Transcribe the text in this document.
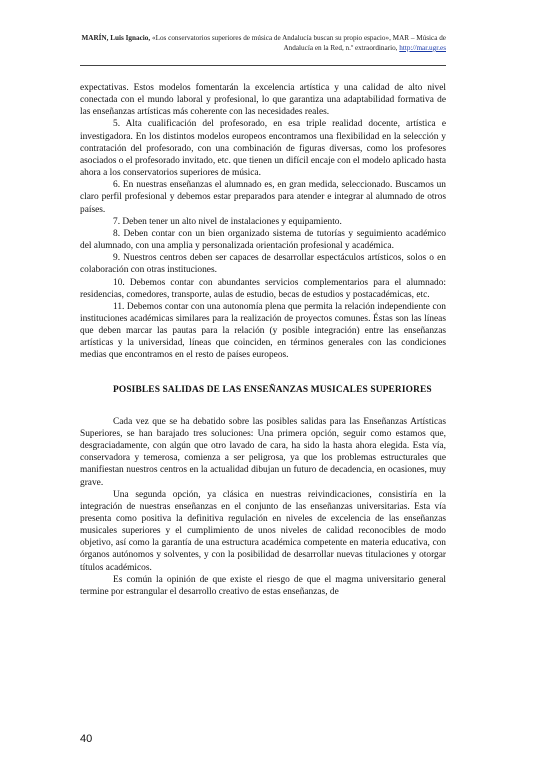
MARÍN, Luis Ignacio, «Los conservatorios superiores de música de Andalucía buscan su propio espacio», MAR – Música de Andalucía en la Red, n.º extraordinario, http://mar.ugr.es

expectativas. Estos modelos fomentarán la excelencia artística y una calidad de alto nivel conectada con el mundo laboral y profesional, lo que garantiza una adaptabilidad formativa de las enseñanzas artísticas más coherente con las necesidades reales.

5. Alta cualificación del profesorado, en esa triple realidad docente, artística e investigadora. En los distintos modelos europeos encontramos una flexibilidad en la selección y contratación del profesorado, con una combinación de figuras diversas, como los profesores asociados o el profesorado invitado, etc. que tienen un difícil encaje con el modelo aplicado hasta ahora a los conservatorios superiores de música.

6. En nuestras enseñanzas el alumnado es, en gran medida, seleccionado. Buscamos un claro perfil profesional y debemos estar preparados para atender e integrar al alumnado de otros países.

7. Deben tener un alto nivel de instalaciones y equipamiento.

8. Deben contar con un bien organizado sistema de tutorías y seguimiento académico del alumnado, con una amplia y personalizada orientación profesional y académica.

9. Nuestros centros deben ser capaces de desarrollar espectáculos artísticos, solos o en colaboración con otras instituciones.

10. Debemos contar con abundantes servicios complementarios para el alumnado: residencias, comedores, transporte, aulas de estudio, becas de estudios y postacadémicas, etc.

11. Debemos contar con una autonomía plena que permita la relación independiente con instituciones académicas similares para la realización de proyectos comunes. Éstas son las líneas que deben marcar las pautas para la relación (y posible integración) entre las enseñanzas artísticas y la universidad, líneas que coinciden, en términos generales con las condiciones medias que encontramos en el resto de países europeos.

POSIBLES SALIDAS DE LAS ENSEÑANZAS MUSICALES SUPERIORES

Cada vez que se ha debatido sobre las posibles salidas para las Enseñanzas Artísticas Superiores, se han barajado tres soluciones: Una primera opción, seguir como estamos que, desgraciadamente, con algún que otro lavado de cara, ha sido la hasta ahora elegida. Esta vía, conservadora y temerosa, comienza a ser peligrosa, ya que los problemas estructurales que manifiestan nuestros centros en la actualidad dibujan un futuro de decadencia, en ocasiones, muy grave.

Una segunda opción, ya clásica en nuestras reivindicaciones, consistiría en la integración de nuestras enseñanzas en el conjunto de las enseñanzas universitarias. Esta vía presenta como positiva la definitiva regulación en niveles de excelencia de las enseñanzas musicales superiores y el cumplimiento de unos niveles de calidad reconocibles de modo objetivo, así como la garantía de una estructura académica competente en materia educativa, con órganos autónomos y solventes, y con la posibilidad de desarrollar nuevas titulaciones y otorgar títulos académicos.

Es común la opinión de que existe el riesgo de que el magma universitario general termine por estrangular el desarrollo creativo de estas enseñanzas, de

40
